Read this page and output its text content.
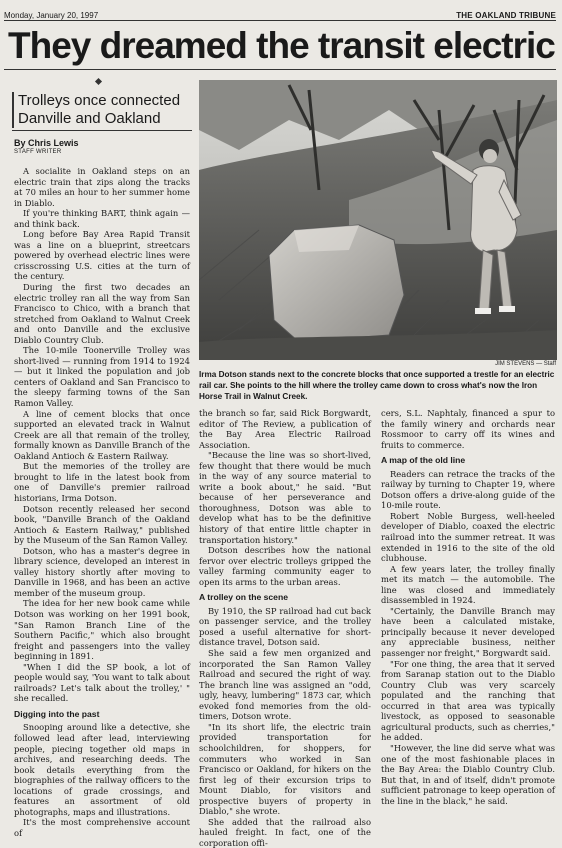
Monday, January 20, 1997	THE OAKLAND TRIBUNE
They dreamed the transit electric
Trolleys once connected
Danville and Oakland
By Chris Lewis
STAFF WRITER
JIM STEVENS — Staff
Irma Dotson stands next to the concrete blocks that once supported a trestle for an electric rail car. She points to the hill where the trolley came down to cross what's now the Iron Horse Trail in Walnut Creek.

A socialite in Oakland steps on an electric train that zips along the tracks at 70 miles an hour to her summer home in Diablo.

If you're thinking BART, think again — and think back.

Long before Bay Area Rapid Transit was a line on a blueprint, streetcars powered by overhead electric lines were crisscrossing U.S. cities at the turn of the century.

During the first two decades an electric trolley ran all the way from San Francisco to Chico, with a branch that stretched from Oakland to Walnut Creek and onto Danville and the exclusive Diablo Country Club.

The 10-mile Toonerville Trolley was short-lived — running from 1914 to 1924 — but it linked the population and job centers of Oakland and San Francisco to the sleepy farming towns of the San Ramon Valley.

A line of cement blocks that once supported an elevated track in Walnut Creek are all that remain of the trolley, formally known as Danville Branch of the Oakland Antioch & Eastern Railway.

But the memories of the trolley are brought to life in the latest book from one of Danville's premier railroad historians, Irma Dotson.

Dotson recently released her second book, "Danville Branch of the Oakland Antioch & Eastern Railway," published by the Museum of the San Ramon Valley.

Dotson, who has a master's degree in library science, developed an interest in valley history shortly after moving to Danville in 1968, and has been an active member of the museum group.

The idea for her new book came while Dotson was working on her 1991 book, "San Ramon Branch Line of the Southern Pacific," which also brought freight and passengers into the valley beginning in 1891.

"When I did the SP book, a lot of people would say, 'You want to talk about railroads? Let's talk about the trolley,' " she recalled.

Digging into the past

Snooping around like a detective, she followed lead after lead, interviewing people, piecing together old maps in archives, and researching deeds. The book details everything from the biographies of the railway officers to the locations of grade crossings, and features an assortment of old photographs, maps and illustrations.

It's the most comprehensive account of

the branch so far, said Rick Borgwardt, editor of The Review, a publication of the Bay Area Electric Railroad Association.

"Because the line was so short-lived, few thought that there would be much in the way of any source material to write a book about," he said. "But because of her perseverance and thoroughness, Dotson was able to develop what has to be the definitive history of that entire little chapter in transportation history."

Dotson describes how the national fervor over electric trolleys gripped the valley farming community eager to open its arms to the urban areas.

A trolley on the scene

By 1910, the SP railroad had cut back on passenger service, and the trolley posed a useful alternative for short-distance travel, Dotson said.

She said a few men organized and incorporated the San Ramon Valley Railroad and secured the right of way. The branch line was assigned an "odd, ugly, heavy, lumbering" 1873 car, which evoked fond memories from the old-timers, Dotson wrote.

"In its short life, the electric train provided transportation for schoolchildren, for shoppers, for commuters who worked in San Francisco or Oakland, for hikers on the first leg of their excursion trips to Mount Diablo, for visitors and prospective buyers of property in Diablo," she wrote.

She added that the railroad also hauled freight. In fact, one of the corporation offi-

cers, S.L. Naphtaly, financed a spur to the family winery and orchards near Rossmoor to carry off its wines and fruits to commerce.

A map of the old line

Readers can retrace the tracks of the railway by turning to Chapter 19, where Dotson offers a drive-along guide of the 10-mile route.

Robert Noble Burgess, well-heeled developer of Diablo, coaxed the electric railroad into the summer retreat. It was extended in 1916 to the site of the old clubhouse.

A few years later, the trolley finally met its match — the automobile. The line was closed and immediately disassembled in 1924.

"Certainly, the Danville Branch may have been a calculated mistake, principally because it never developed any appreciable business, neither passenger nor freight," Borgwardt said.

"For one thing, the area that it served from Saranap station out to the Diablo Country Club was very scarcely populated and the ranching that occurred in that area was typically livestock, as opposed to seasonable agricultural products, such as cherries," he added.

"However, the line did serve what was one of the most fashionable places in the Bay Area: the Diablo Country Club. But that, in and of itself, didn't promote sufficient patronage to keep operation of the line in the black," he said.
